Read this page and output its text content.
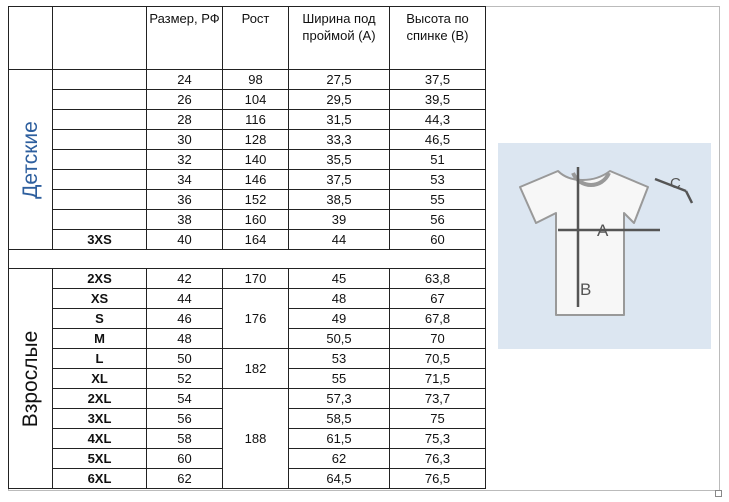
		Размер, РФ	Рост	Ширина под проймой (А)	Высота по спинке (В)

Детские		24	98	27,5	37,5
		26	104	29,5	39,5
		28	116	31,5	44,3
		30	128	33,3	46,5
		32	140	35,5	51
		34	146	37,5	53
		36	152	38,5	55
		38	160	39	56
	3XS	40	164	44	60

Взрослые	2XS	42	170	45	63,8
	XS	44	176	48	67
	S	46		49	67,8
	M	48		50,5	70
	L	50	182	53	70,5
	XL	52		55	71,5
	2XL	54	188	57,3	73,7
	3XL	56		58,5	75
	4XL	58		61,5	75,3
	5XL	60		62	76,3
	6XL	62		64,5	76,5
A
B
C
